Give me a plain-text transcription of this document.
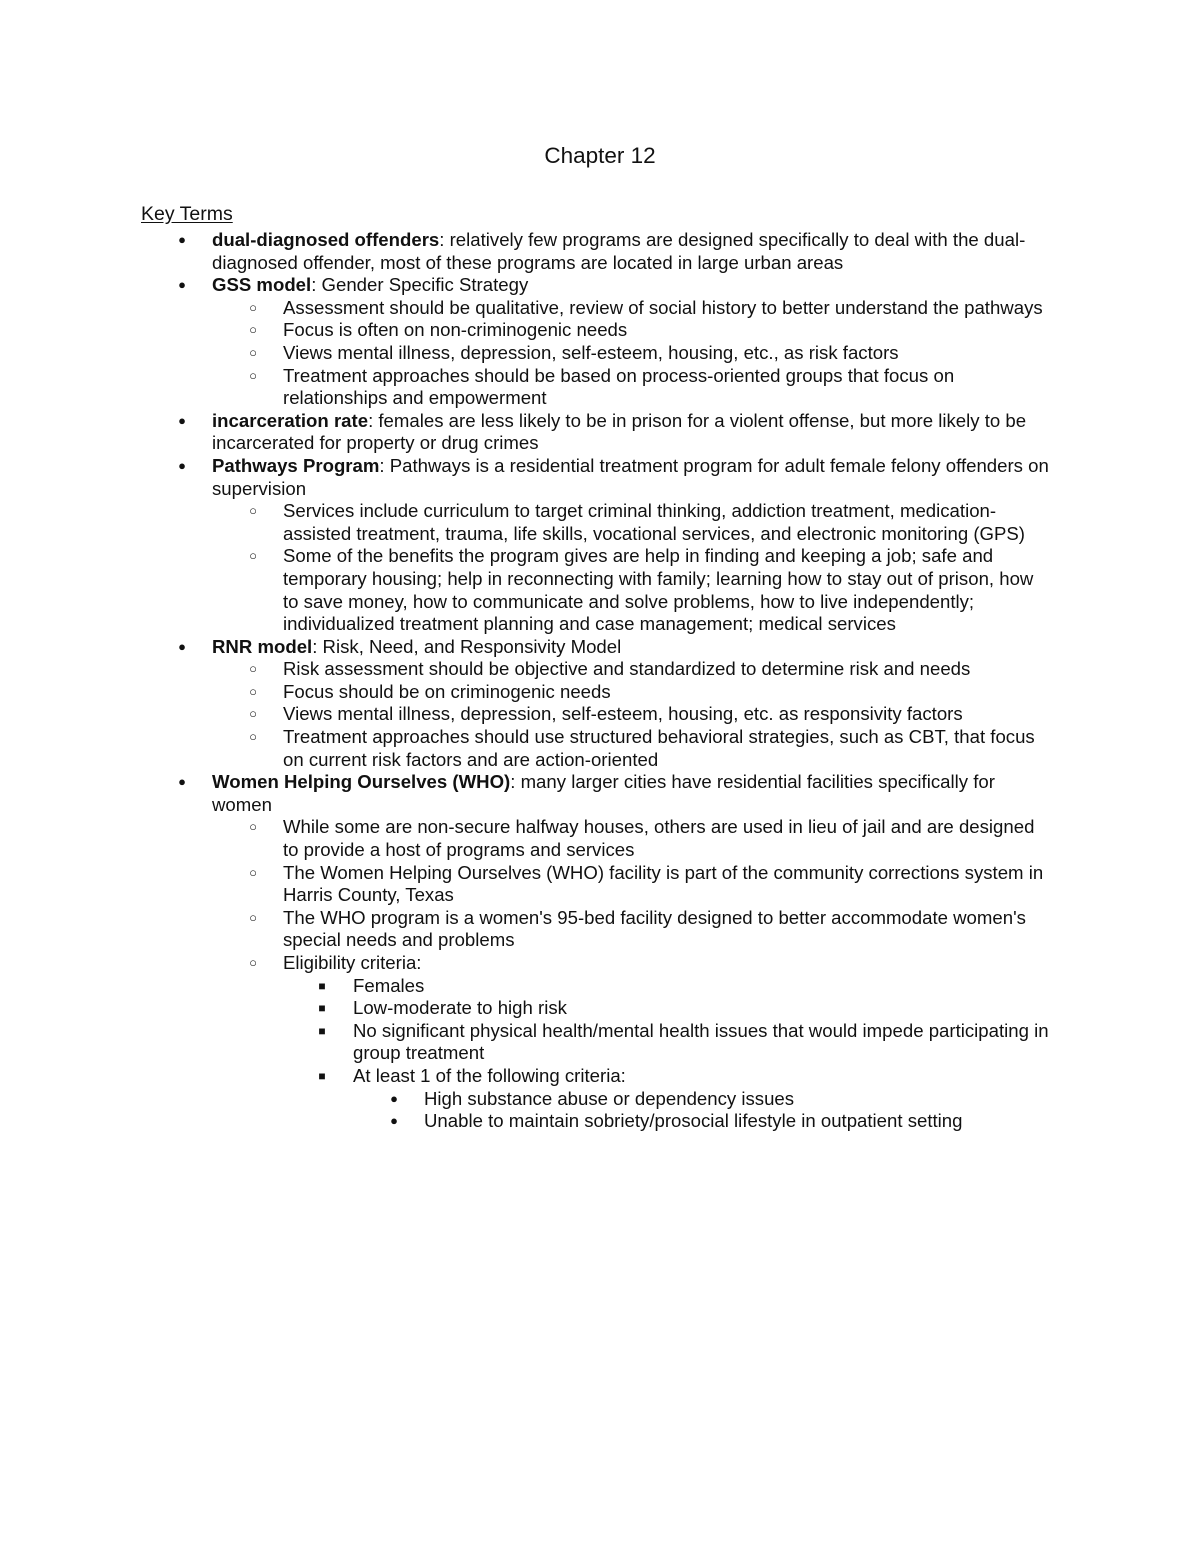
Chapter 12
Key Terms
●	dual-diagnosed offenders: relatively few programs are designed specifically to deal with the dual-diagnosed offender, most of these programs are located in large urban areas
●	GSS model: Gender Specific Strategy
○	Assessment should be qualitative, review of social history to better understand the pathways
○	Focus is often on non-criminogenic needs
○	Views mental illness, depression, self-esteem, housing, etc., as risk factors
○	Treatment approaches should be based on process-oriented groups that focus on relationships and empowerment
●	incarceration rate: females are less likely to be in prison for a violent offense, but more likely to be incarcerated for property or drug crimes
●	Pathways Program: Pathways is a residential treatment program for adult female felony offenders on supervision
○	Services include curriculum to target criminal thinking, addiction treatment, medication-assisted treatment, trauma, life skills, vocational services, and electronic monitoring (GPS)
○	Some of the benefits the program gives are help in finding and keeping a job; safe and temporary housing; help in reconnecting with family; learning how to stay out of prison, how to save money, how to communicate and solve problems, how to live independently; individualized treatment planning and case management; medical services
●	RNR model: Risk, Need, and Responsivity Model
○	Risk assessment should be objective and standardized to determine risk and needs
○	Focus should be on criminogenic needs
○	Views mental illness, depression, self-esteem, housing, etc. as responsivity factors
○	Treatment approaches should use structured behavioral strategies, such as CBT, that focus on current risk factors and are action-oriented
●	Women Helping Ourselves (WHO): many larger cities have residential facilities specifically for women
○	While some are non-secure halfway houses, others are used in lieu of jail and are designed to provide a host of programs and services
○	The Women Helping Ourselves (WHO) facility is part of the community corrections system in Harris County, Texas
○	The WHO program is a women's 95-bed facility designed to better accommodate women's special needs and problems
○	Eligibility criteria:
■	Females
■	Low-moderate to high risk
■	No significant physical health/mental health issues that would impede participating in group treatment
■	At least 1 of the following criteria:
●	High substance abuse or dependency issues
●	Unable to maintain sobriety/prosocial lifestyle in outpatient setting
